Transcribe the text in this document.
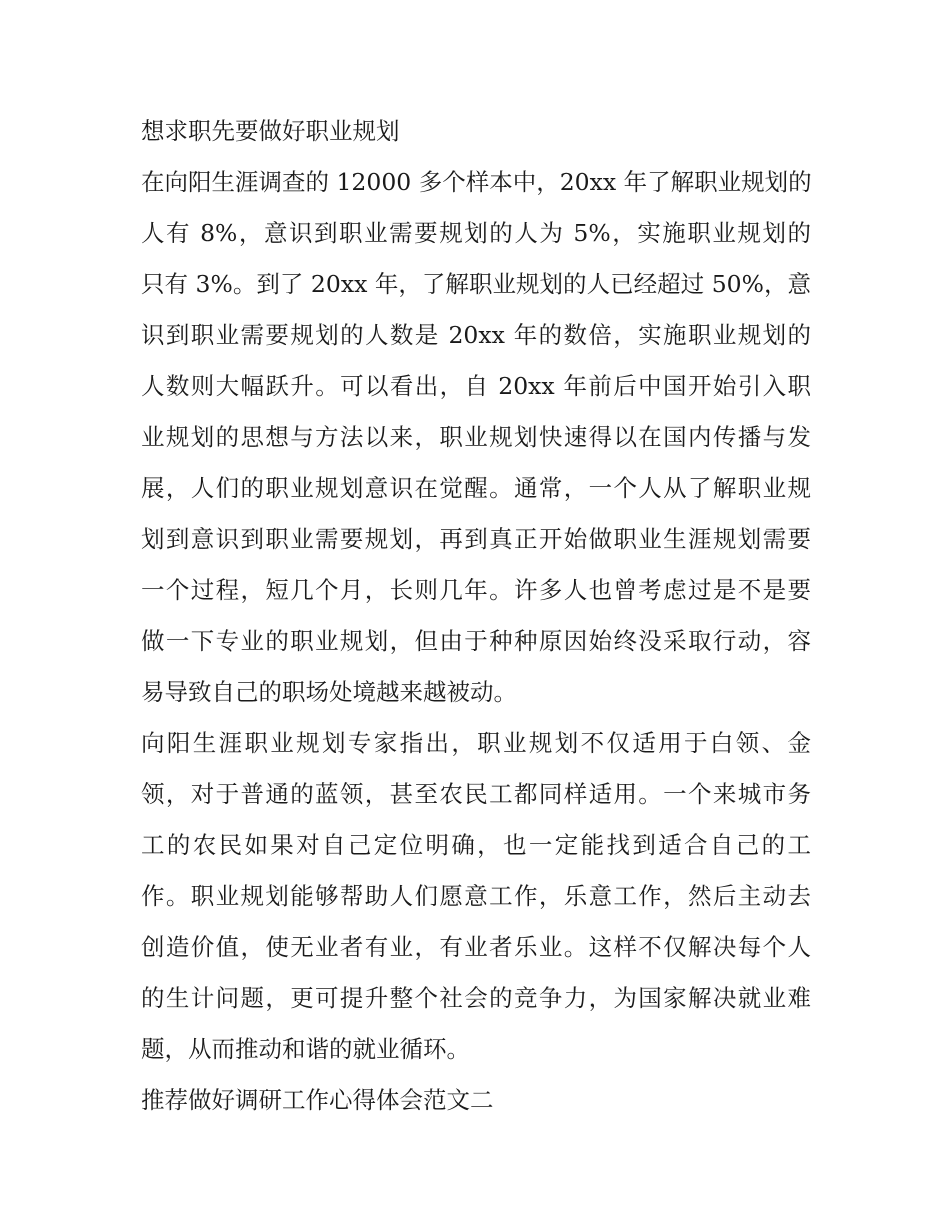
想求职先要做好职业规划
在向阳生涯调查的 12000 多个样本中，20xx 年了解职业规划的
人有 8%，意识到职业需要规划的人为 5%，实施职业规划的
只有 3%。到了 20xx 年，了解职业规划的人已经超过 50%，意
识到职业需要规划的人数是 20xx 年的数倍，实施职业规划的
人数则大幅跃升。可以看出，自 20xx 年前后中国开始引入职
业规划的思想与方法以来，职业规划快速得以在国内传播与发
展，人们的职业规划意识在觉醒。通常，一个人从了解职业规
划到意识到职业需要规划，再到真正开始做职业生涯规划需要
一个过程，短几个月，长则几年。许多人也曾考虑过是不是要
做一下专业的职业规划，但由于种种原因始终没采取行动，容
易导致自己的职场处境越来越被动。
向阳生涯职业规划专家指出，职业规划不仅适用于白领、金
领，对于普通的蓝领，甚至农民工都同样适用。一个来城市务
工的农民如果对自己定位明确，也一定能找到适合自己的工
作。职业规划能够帮助人们愿意工作，乐意工作，然后主动去
创造价值，使无业者有业，有业者乐业。这样不仅解决每个人
的生计问题，更可提升整个社会的竞争力，为国家解决就业难
题，从而推动和谐的就业循环。
推荐做好调研工作心得体会范文二
